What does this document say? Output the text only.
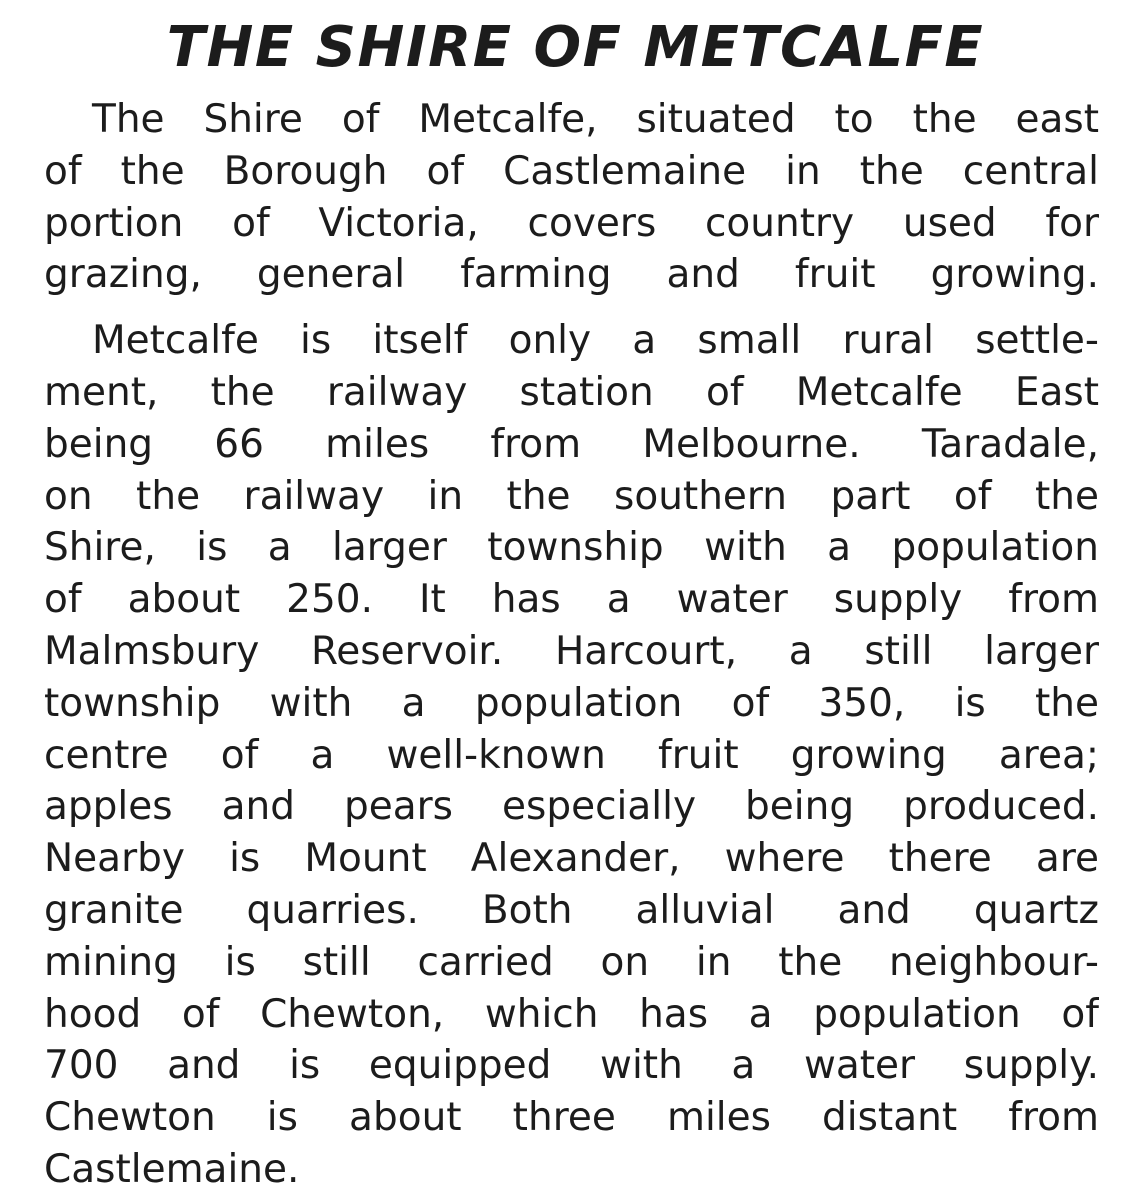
THE SHIRE OF METCALFE
The Shire of Metcalfe, situated to the east
of the Borough of Castlemaine in the central
portion of Victoria, covers country used for
grazing, general farming and fruit growing.
Metcalfe is itself only a small rural settle-
ment, the railway station of Metcalfe East
being 66 miles from Melbourne. Taradale,
on the railway in the southern part of the
Shire, is a larger township with a population
of about 250. It has a water supply from
Malmsbury Reservoir. Harcourt, a still larger
township with a population of 350, is the
centre of a well-known fruit growing area;
apples and pears especially being produced.
Nearby is Mount Alexander, where there are
granite quarries. Both alluvial and quartz
mining is still carried on in the neighbour-
hood of Chewton, which has a population of
700 and is equipped with a water supply.
Chewton is about three miles distant from
Castlemaine.
